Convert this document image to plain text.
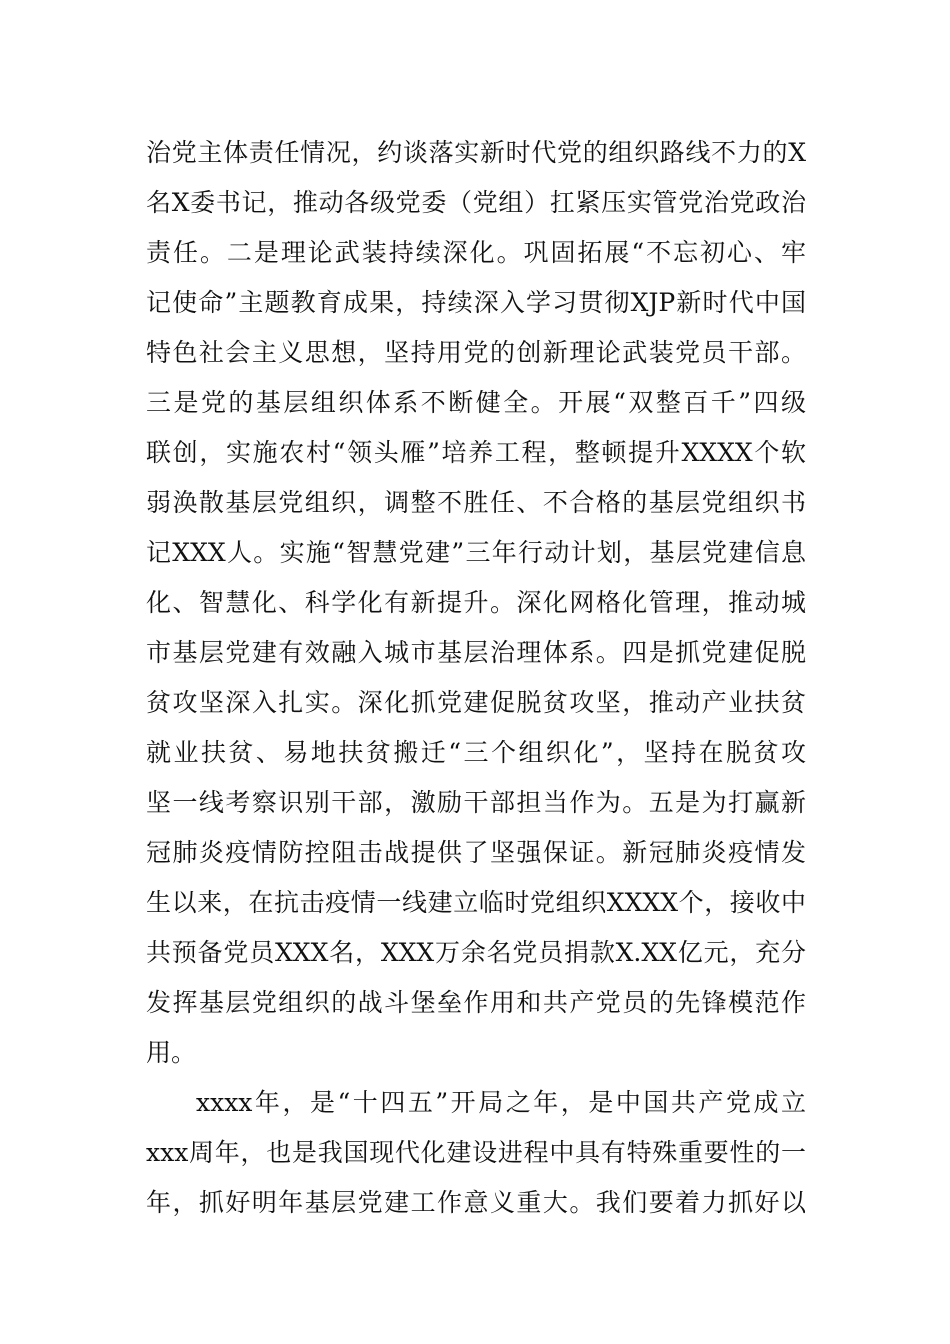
治党主体责任情况，约谈落实新时代党的组织路线不力的X
名X委书记，推动各级党委（党组）扛紧压实管党治党政治
责任。二是理论武装持续深化。巩固拓展“不忘初心、牢
记使命”主题教育成果，持续深入学习贯彻XJP新时代中国
特色社会主义思想，坚持用党的创新理论武装党员干部。
三是党的基层组织体系不断健全。开展“双整百千”四级
联创，实施农村“领头雁”培养工程，整顿提升XXXX个软
弱涣散基层党组织，调整不胜任、不合格的基层党组织书
记XXX人。实施“智慧党建”三年行动计划，基层党建信息
化、智慧化、科学化有新提升。深化网格化管理，推动城
市基层党建有效融入城市基层治理体系。四是抓党建促脱
贫攻坚深入扎实。深化抓党建促脱贫攻坚，推动产业扶贫
就业扶贫、易地扶贫搬迁“三个组织化”，坚持在脱贫攻
坚一线考察识别干部，激励干部担当作为。五是为打赢新
冠肺炎疫情防控阻击战提供了坚强保证。新冠肺炎疫情发
生以来，在抗击疫情一线建立临时党组织XXXX个，接收中
共预备党员XXX名，XXX万余名党员捐款X.XX亿元，充分
发挥基层党组织的战斗堡垒作用和共产党员的先锋模范作
用。
xxxx年，是“十四五”开局之年，是中国共产党成立
xxx周年，也是我国现代化建设进程中具有特殊重要性的一
年，抓好明年基层党建工作意义重大。我们要着力抓好以
